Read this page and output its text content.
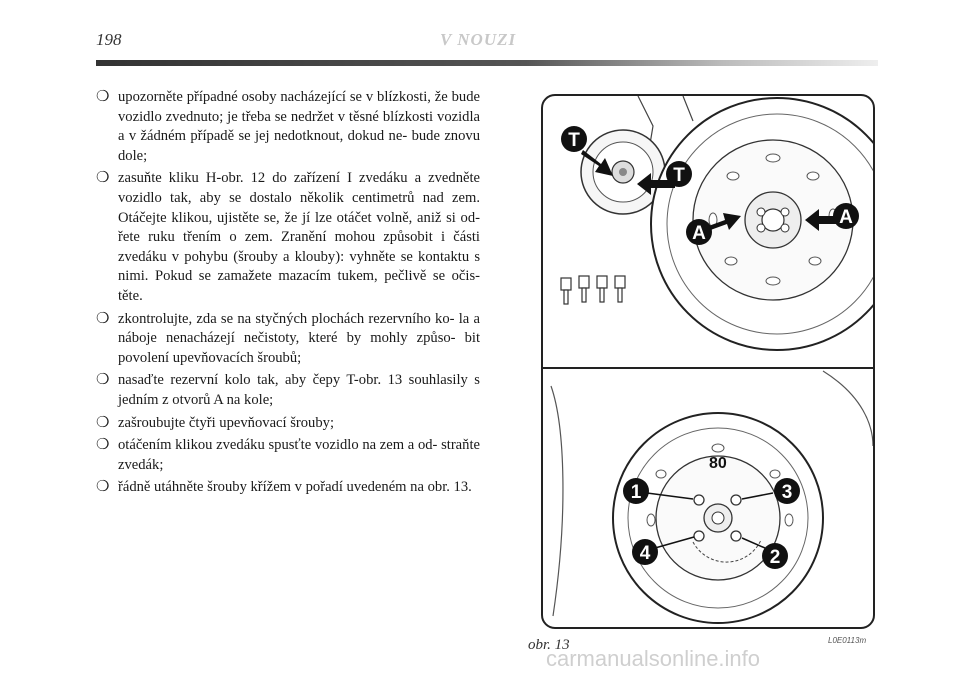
198	V NOUZI
❍ upozorněte případné osoby nacházející se v blízkosti, že bude vozidlo zvednuto; je třeba se nedržet v těsné blízkosti vozidla a v žádném případě se jej nedotknout, dokud ne- bude znovu dole;
❍ zasuňte kliku H-obr. 12 do zařízení I zvedáku a zvedněte vozidlo tak, aby se dostalo několik centimetrů nad zem. Otáčejte klikou, ujistěte se, že jí lze otáčet volně, aniž si od- řete ruku třením o zem. Zranění mohou způsobit i části zvedáku v pohybu (šrouby a klouby): vyhněte se kontaktu s nimi. Pokud se zamažete mazacím tukem, pečlivě se očis- těte.
❍ zkontrolujte, zda se na styčných plochách rezervního ko- la a náboje nenacházejí nečistoty, které by mohly způso- bit povolení upevňovacích šroubů;
❍ nasaďte rezervní kolo tak, aby čepy T-obr. 13 souhlasily s jedním z otvorů A na kole;
❍ zašroubujte čtyři upevňovací šrouby;
❍ otáčením klikou zvedáku spusťte vozidlo na zem a od- straňte zvedák;
❍ řádně utáhněte šrouby křížem v pořadí uvedeném na obr. 13.
T
T
A
A
80
1
2
3
4
L0E0113m
obr. 13
carmanualsonline.info
